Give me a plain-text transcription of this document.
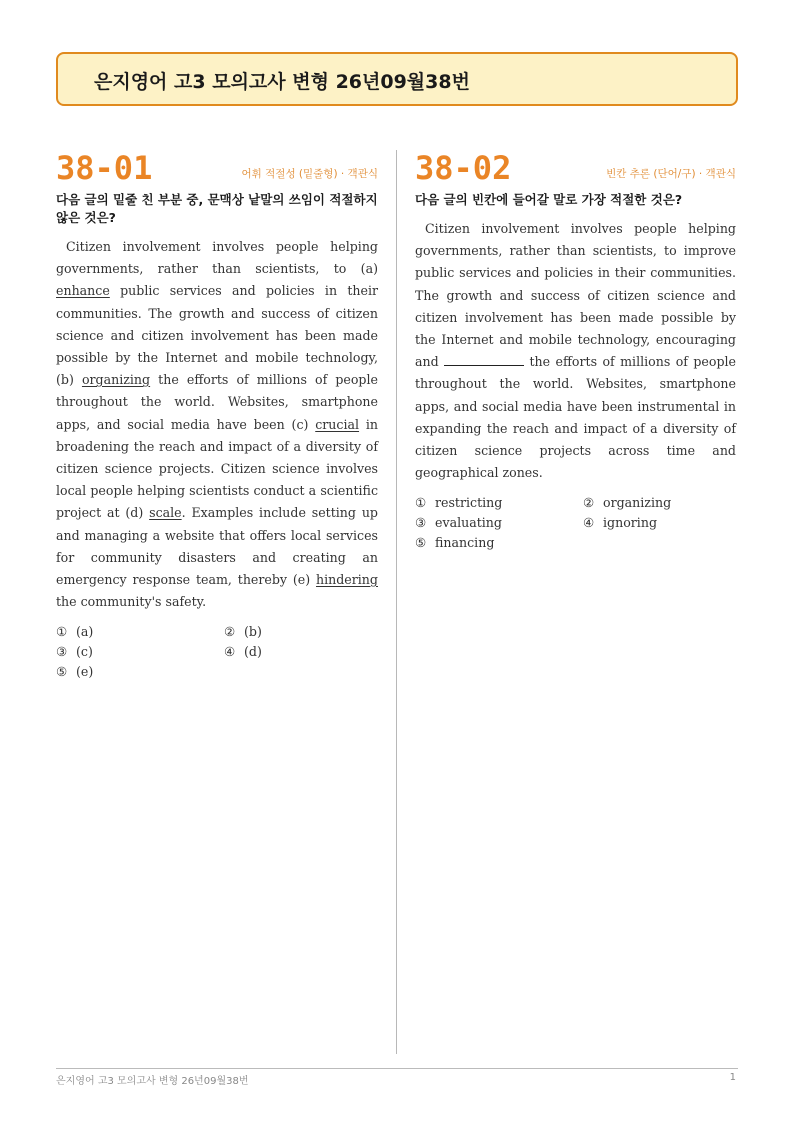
은지영어 고3 모의고사 변형 26년09월38번
38-01	어휘 적절성 (밑줄형) · 객관식
다음 글의 밑줄 친 부분 중, 문맥상 낱말의 쓰임이 적절하지 않은 것은?
Citizen involvement involves people helping governments, rather than scientists, to (a) enhance public services and policies in their communities. The growth and success of citizen science and citizen involvement has been made possible by the Internet and mobile technology, (b) organizing the efforts of millions of people throughout the world. Websites, smartphone apps, and social media have been (c) crucial in broadening the reach and impact of a diversity of citizen science projects. Citizen science involves local people helping scientists conduct a scientific project at (d) scale. Examples include setting up and managing a website that offers local services for community disasters and creating an emergency response team, thereby (e) hindering the community's safety.
① (a)	② (b)
③ (c)	④ (d)
⑤ (e)
38-02	빈칸 추론 (단어/구) · 객관식
다음 글의 빈칸에 들어갈 말로 가장 적절한 것은?
Citizen involvement involves people helping governments, rather than scientists, to improve public services and policies in their communities. The growth and success of citizen science and citizen involvement has been made possible by the Internet and mobile technology, encouraging and	the efforts of millions of people throughout the world. Websites, smartphone apps, and social media have been instrumental in expanding the reach and impact of a diversity of citizen science projects across time and geographical zones.
① restricting	② organizing
③ evaluating	④ ignoring
⑤ financing
은지영어 고3 모의고사 변형 26년09월38번	1
